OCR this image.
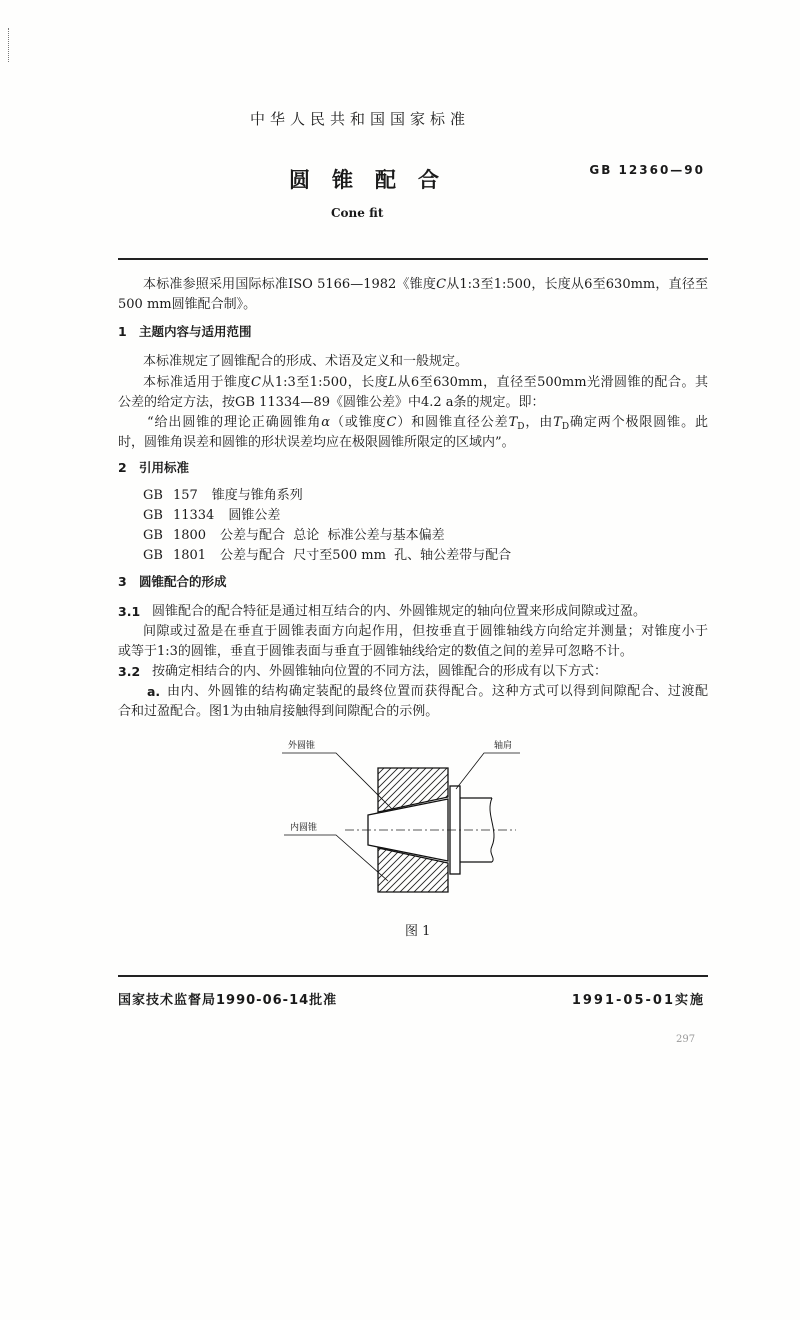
中华人民共和国国家标准
圆锥配合	GB 12360—90
Cone fit
本标准参照采用国际标准ISO 5166—1982《锥度C从1:3至1:500，长度从6至630mm，直径至
500 mm圆锥配合制》。
1 主题内容与适用范围
本标准规定了圆锥配合的形成、术语及定义和一般规定。
本标准适用于锥度C从1:3至1:500，长度L从6至630mm，直径至500mm光滑圆锥的配合。其
公差的给定方法，按GB 11334—89《圆锥公差》中4.2 a条的规定。即：
“给出圆锥的理论正确圆锥角α（或锥度C）和圆锥直径公差$T_D$，由$T_D$确定两个极限圆锥。此
时，圆锥角误差和圆锥的形状误差均应在极限圆锥所限定的区域内”。
2 引用标准
GB 157 锥度与锥角系列
GB 11334 圆锥公差
GB 1800 公差与配合  总论  标准公差与基本偏差
GB 1801 公差与配合  尺寸至500 mm  孔、轴公差带与配合
3 圆锥配合的形成
3.1 圆锥配合的配合特征是通过相互结合的内、外圆锥规定的轴向位置来形成间隙或过盈。
间隙或过盈是在垂直于圆锥表面方向起作用，但按垂直于圆锥轴线方向给定并测量；对锥度小于
或等于1:3的圆锥，垂直于圆锥表面与垂直于圆锥轴线给定的数值之间的差异可忽略不计。
3.2 按确定相结合的内、外圆锥轴向位置的不同方法，圆锥配合的形成有以下方式：
a. 由内、外圆锥的结构确定装配的最终位置而获得配合。这种方式可以得到间隙配合、过渡配
合和过盈配合。图1为由轴肩接触得到间隙配合的示例。
外圆锥	轴肩
内圆锥
图 1
国家技术监督局1990-06-14批准	1991-05-01实施
297
